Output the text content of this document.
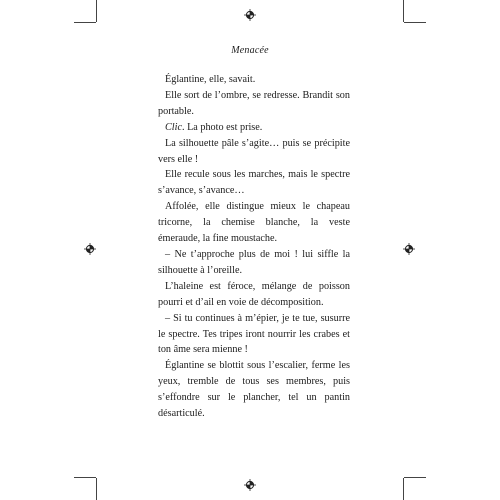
Menacée

Églantine, elle, savait.

Elle sort de l’ombre, se redresse. Brandit son portable.

Clic. La photo est prise.

La silhouette pâle s’agite… puis se précipite vers elle !

Elle recule sous les marches, mais le spectre s’avance, s’avance…

Affolée, elle distingue mieux le chapeau tricorne, la chemise blanche, la veste émeraude, la fine moustache.

– Ne t’approche plus de moi ! lui siffle la silhouette à l’oreille.

L’haleine est féroce, mélange de poisson pourri et d’ail en voie de décomposition.

– Si tu continues à m’épier, je te tue, susurre le spectre. Tes tripes iront nourrir les crabes et ton âme sera mienne !

Églantine se blottit sous l’escalier, ferme les yeux, tremble de tous ses membres, puis s’effondre sur le plancher, tel un pantin désarticulé.
